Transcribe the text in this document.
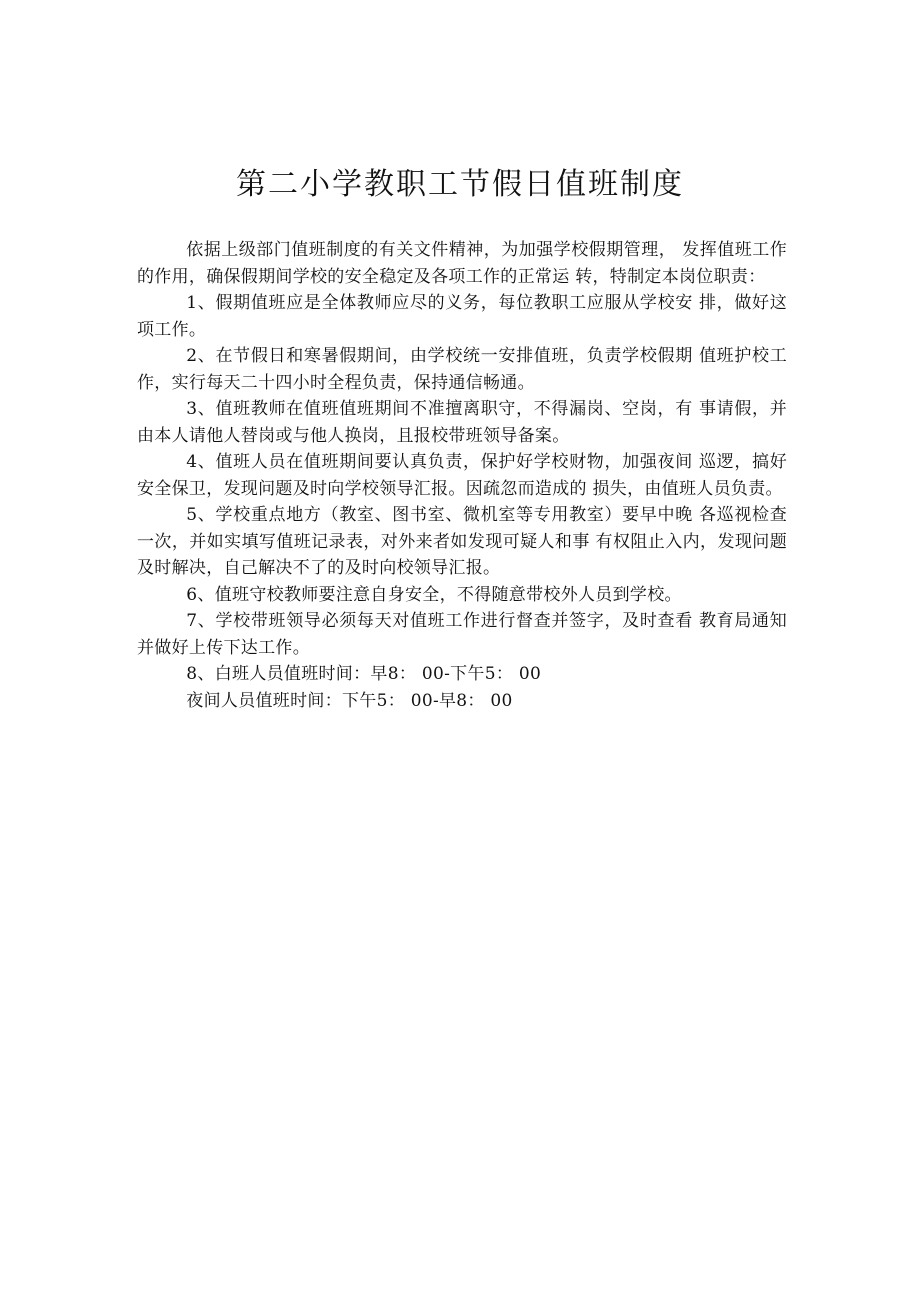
第二小学教职工节假日值班制度

依据上级部门值班制度的有关文件精神，为加强学校假期管理， 发挥值班工作的作用，确保假期间学校的安全稳定及各项工作的正常运 转，特制定本岗位职责：

1、假期值班应是全体教师应尽的义务，每位教职工应服从学校安 排，做好这项工作。

2、在节假日和寒暑假期间，由学校统一安排值班，负责学校假期 值班护校工作，实行每天二十四小时全程负责，保持通信畅通。

3、值班教师在值班值班期间不准擅离职守，不得漏岗、空岗，有 事请假，并由本人请他人替岗或与他人换岗，且报校带班领导备案。

4、值班人员在值班期间要认真负责，保护好学校财物，加强夜间 巡逻，搞好安全保卫，发现问题及时向学校领导汇报。因疏忽而造成的 损失，由值班人员负责。

5、学校重点地方（教室、图书室、微机室等专用教室）要早中晚 各巡视检查一次，并如实填写值班记录表，对外来者如发现可疑人和事 有权阻止入内，发现问题及时解决，自己解决不了的及时向校领导汇报。

6、值班守校教师要注意自身安全，不得随意带校外人员到学校。

7、学校带班领导必须每天对值班工作进行督查并签字，及时查看 教育局通知并做好上传下达工作。

8、白班人员值班时间：早8： 00-下午5： 00

夜间人员值班时间：下午5： 00-早8： 00
